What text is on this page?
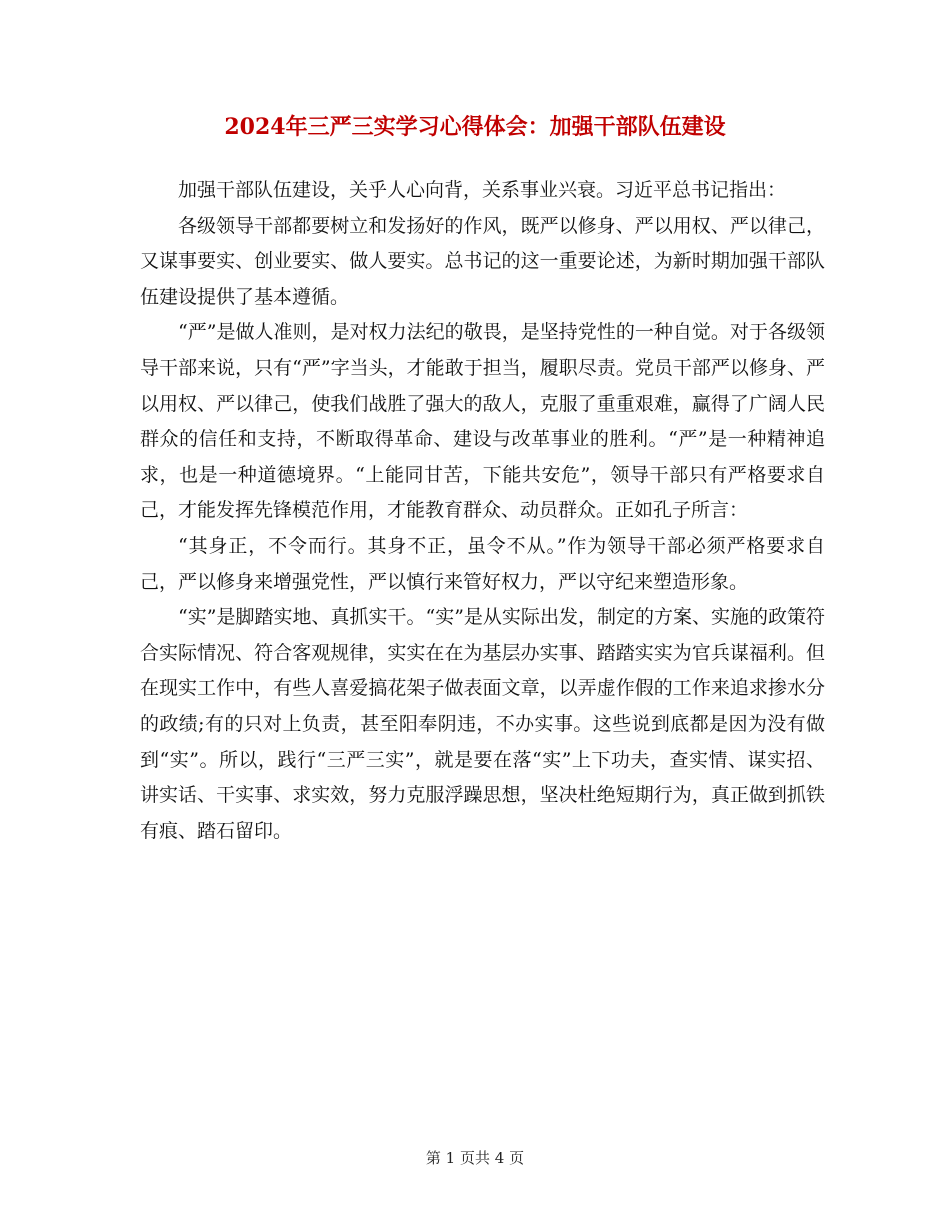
2024年三严三实学习心得体会：加强干部队伍建设

加强干部队伍建设，关乎人心向背，关系事业兴衰。习近平总书记指出：

各级领导干部都要树立和发扬好的作风，既严以修身、严以用权、严以律己，又谋事要实、创业要实、做人要实。总书记的这一重要论述，为新时期加强干部队伍建设提供了基本遵循。

“严”是做人准则，是对权力法纪的敬畏，是坚持党性的一种自觉。对于各级领导干部来说，只有“严”字当头，才能敢于担当，履职尽责。党员干部严以修身、严以用权、严以律己，使我们战胜了强大的敌人，克服了重重艰难，赢得了广阔人民群众的信任和支持，不断取得革命、建设与改革事业的胜利。“严”是一种精神追求，也是一种道德境界。“上能同甘苦，下能共安危”，领导干部只有严格要求自己，才能发挥先锋模范作用，才能教育群众、动员群众。正如孔子所言：

“其身正，不令而行。其身不正，虽令不从。”作为领导干部必须严格要求自己，严以修身来增强党性，严以慎行来管好权力，严以守纪来塑造形象。

“实”是脚踏实地、真抓实干。“实”是从实际出发，制定的方案、实施的政策符合实际情况、符合客观规律，实实在在为基层办实事、踏踏实实为官兵谋福利。但在现实工作中，有些人喜爱搞花架子做表面文章，以弄虚作假的工作来追求掺水分的政绩;有的只对上负责，甚至阳奉阴违，不办实事。这些说到底都是因为没有做到“实”。所以，践行“三严三实”，就是要在落“实”上下功夫，查实情、谋实招、讲实话、干实事、求实效，努力克服浮躁思想，坚决杜绝短期行为，真正做到抓铁有痕、踏石留印。

第 1 页共 4 页
